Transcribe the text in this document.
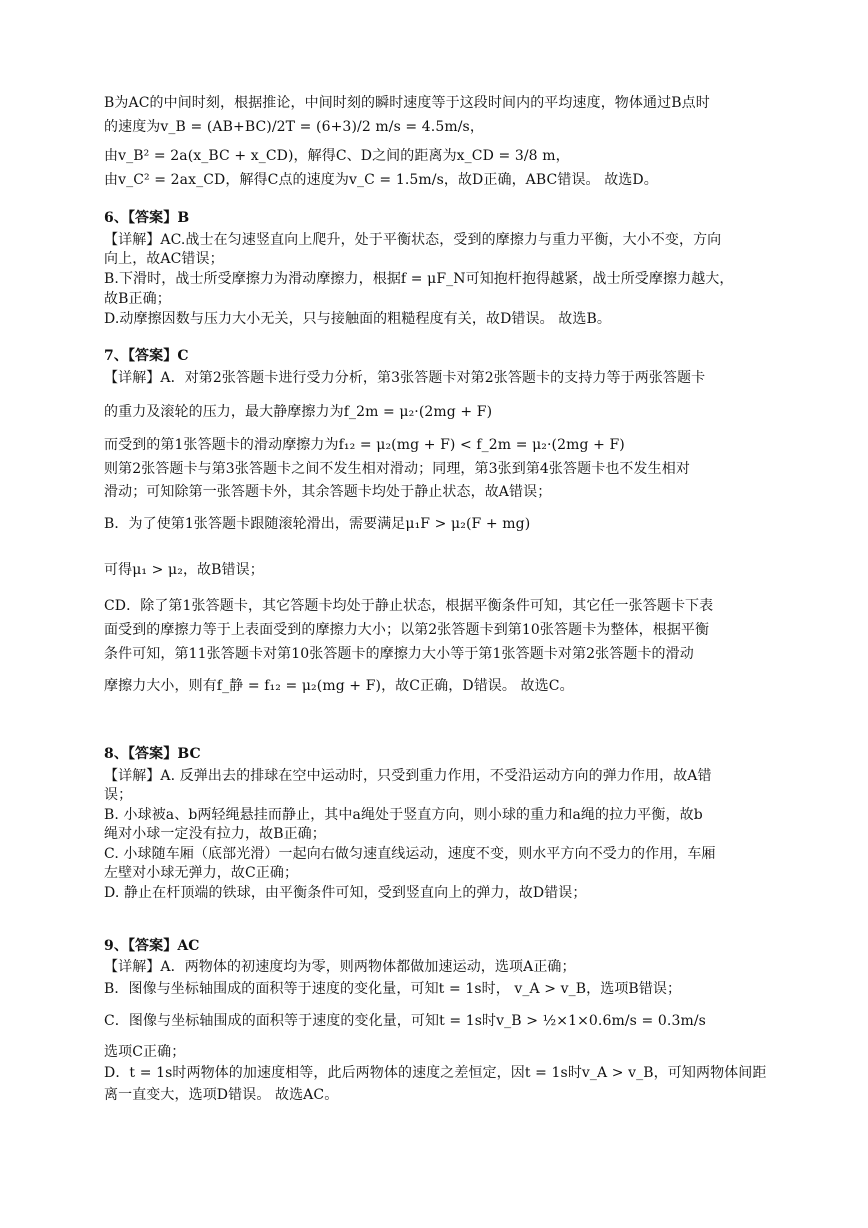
B为AC的中间时刻，根据推论，中间时刻的瞬时速度等于这段时间内的平均速度，物体通过B点时
的速度为v_B = (AB+BC)/2T = (6+3)/2 m/s = 4.5m/s，
由v_B² = 2a(x_BC + x_CD)，解得C、D之间的距离为x_CD = 3/8 m，
由v_C² = 2ax_CD，解得C点的速度为v_C = 1.5m/s，故D正确，ABC错误。 故选D。
6、【答案】B
【详解】AC.战士在匀速竖直向上爬升，处于平衡状态，受到的摩擦力与重力平衡，大小不变，方向
向上，故AC错误；
B.下滑时，战士所受摩擦力为滑动摩擦力，根据f = μF_N可知抱杆抱得越紧，战士所受摩擦力越大，
故B正确；
D.动摩擦因数与压力大小无关，只与接触面的粗糙程度有关，故D错误。 故选B。
7、【答案】C
【详解】A．对第2张答题卡进行受力分析，第3张答题卡对第2张答题卡的支持力等于两张答题卡
的重力及滚轮的压力，最大静摩擦力为f_2m = μ₂·(2mg + F)
而受到的第1张答题卡的滑动摩擦力为f₁₂ = μ₂(mg + F) < f_2m = μ₂·(2mg + F)
则第2张答题卡与第3张答题卡之间不发生相对滑动；同理，第3张到第4张答题卡也不发生相对
滑动；可知除第一张答题卡外，其余答题卡均处于静止状态，故A错误；
B．为了使第1张答题卡跟随滚轮滑出，需要满足μ₁F > μ₂(F + mg)
可得μ₁ > μ₂，故B错误；
CD．除了第1张答题卡，其它答题卡均处于静止状态，根据平衡条件可知，其它任一张答题卡下表
面受到的摩擦力等于上表面受到的摩擦力大小；以第2张答题卡到第10张答题卡为整体，根据平衡
条件可知，第11张答题卡对第10张答题卡的摩擦力大小等于第1张答题卡对第2张答题卡的滑动
摩擦力大小，则有f_静 = f₁₂ = μ₂(mg + F)，故C正确，D错误。 故选C。
8、【答案】BC
【详解】A. 反弹出去的排球在空中运动时，只受到重力作用，不受沿运动方向的弹力作用，故A错
误；
B. 小球被a、b两轻绳悬挂而静止，其中a绳处于竖直方向，则小球的重力和a绳的拉力平衡，故b
绳对小球一定没有拉力，故B正确；
C. 小球随车厢（底部光滑）一起向右做匀速直线运动，速度不变，则水平方向不受力的作用，车厢
左壁对小球无弹力，故C正确；
D. 静止在杆顶端的铁球，由平衡条件可知，受到竖直向上的弹力，故D错误；
9、【答案】AC
【详解】A．两物体的初速度均为零，则两物体都做加速运动，选项A正确；
B．图像与坐标轴围成的面积等于速度的变化量，可知t = 1s时， v_A > v_B，选项B错误；
C．图像与坐标轴围成的面积等于速度的变化量，可知t = 1s时v_B > ½×1×0.6m/s = 0.3m/s
选项C正确；
D．t = 1s时两物体的加速度相等，此后两物体的速度之差恒定，因t = 1s时v_A > v_B，可知两物体间距
离一直变大，选项D错误。 故选AC。
